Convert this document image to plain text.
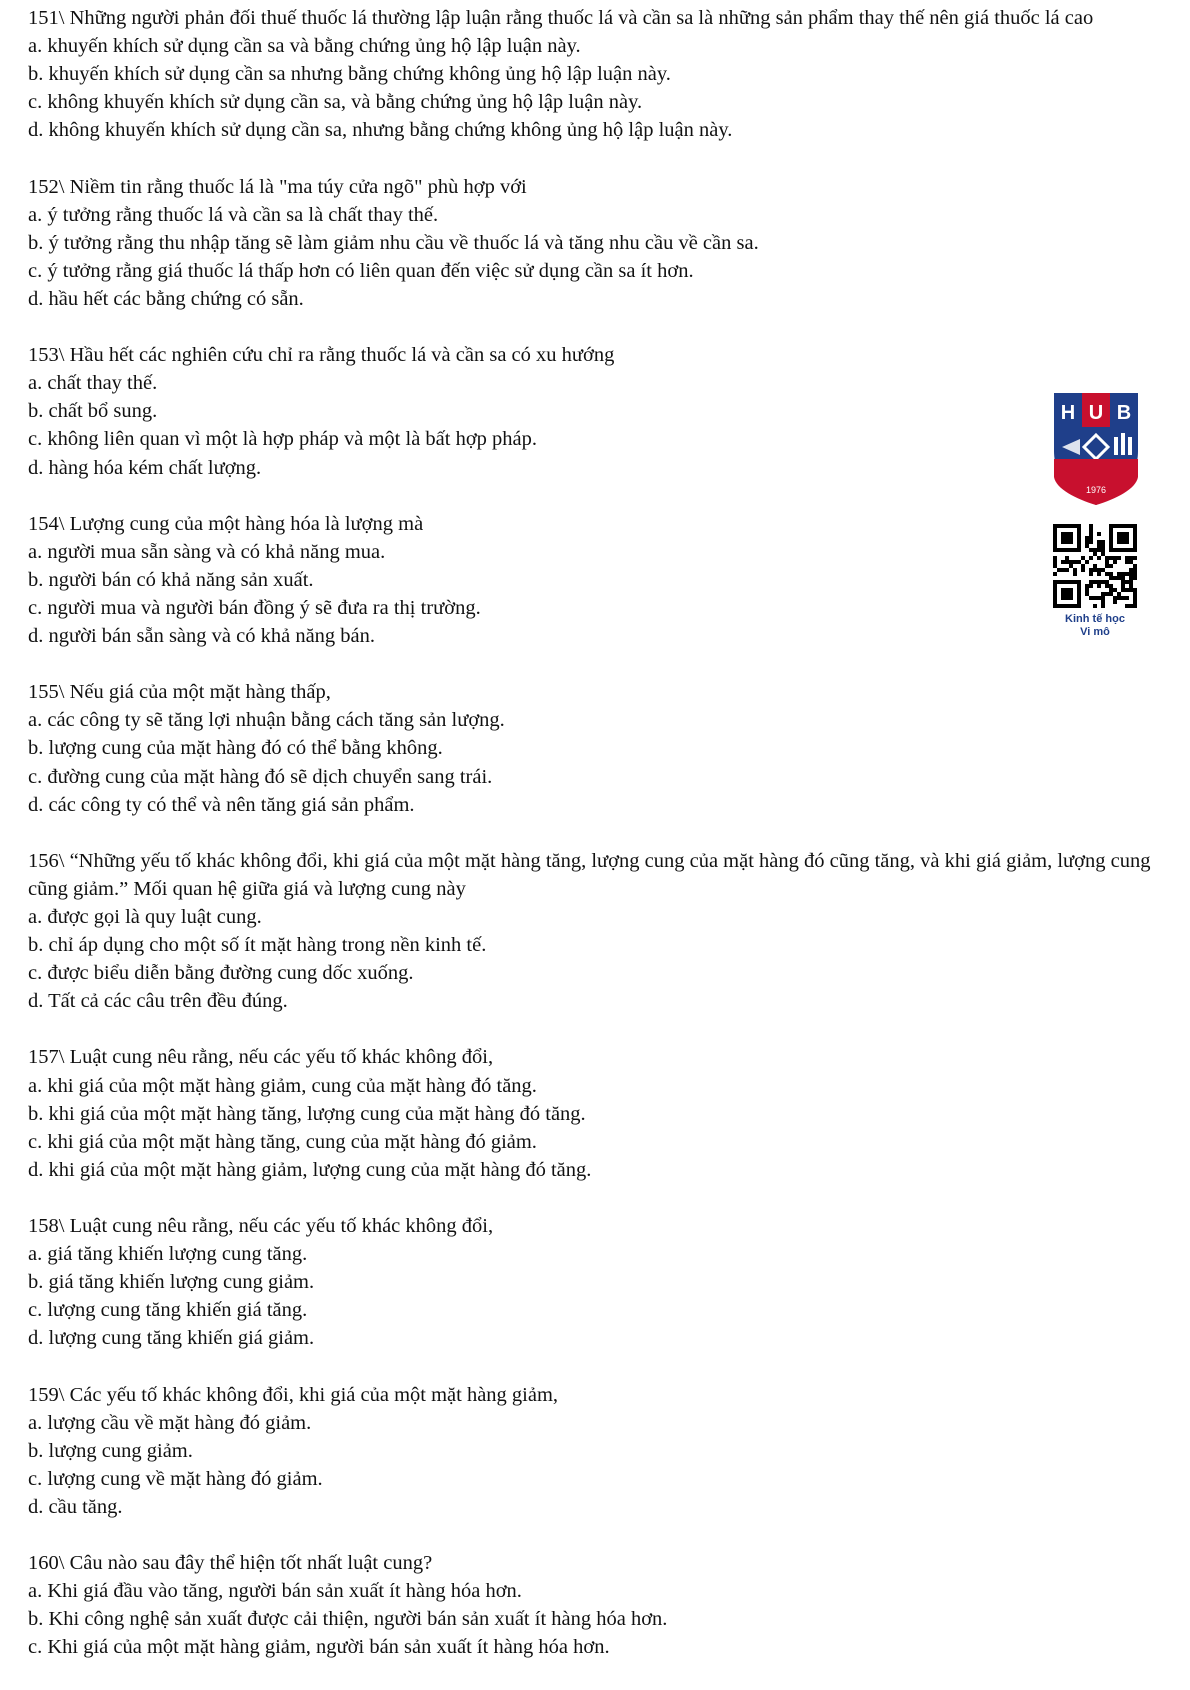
151\ Những người phản đối thuế thuốc lá thường lập luận rằng thuốc lá và cần sa là những sản phẩm thay thế nên giá thuốc lá cao

a. khuyến khích sử dụng cần sa và bằng chứng ủng hộ lập luận này.

b. khuyến khích sử dụng cần sa nhưng bằng chứng không ủng hộ lập luận này.

c. không khuyến khích sử dụng cần sa, và bằng chứng ủng hộ lập luận này.

d. không khuyến khích sử dụng cần sa, nhưng bằng chứng không ủng hộ lập luận này.

152\ Niềm tin rằng thuốc lá là "ma túy cửa ngõ" phù hợp với

a. ý tưởng rằng thuốc lá và cần sa là chất thay thế.

b. ý tưởng rằng thu nhập tăng sẽ làm giảm nhu cầu về thuốc lá và tăng nhu cầu về cần sa.

c. ý tưởng rằng giá thuốc lá thấp hơn có liên quan đến việc sử dụng cần sa ít hơn.

d. hầu hết các bằng chứng có sẵn.

153\ Hầu hết các nghiên cứu chỉ ra rằng thuốc lá và cần sa có xu hướng

a. chất thay thế.

b. chất bổ sung.

c. không liên quan vì một là hợp pháp và một là bất hợp pháp.

d. hàng hóa kém chất lượng.

154\ Lượng cung của một hàng hóa là lượng mà

a. người mua sẵn sàng và có khả năng mua.

b. người bán có khả năng sản xuất.

c. người mua và người bán đồng ý sẽ đưa ra thị trường.

d. người bán sẵn sàng và có khả năng bán.

155\ Nếu giá của một mặt hàng thấp,

a. các công ty sẽ tăng lợi nhuận bằng cách tăng sản lượng.

b. lượng cung của mặt hàng đó có thể bằng không.

c. đường cung của mặt hàng đó sẽ dịch chuyển sang trái.

d. các công ty có thể và nên tăng giá sản phẩm.

156\ “Những yếu tố khác không đổi, khi giá của một mặt hàng tăng, lượng cung của mặt hàng đó cũng tăng, và khi giá giảm, lượng cung cũng giảm.” Mối quan hệ giữa giá và lượng cung này

a. được gọi là quy luật cung.

b. chỉ áp dụng cho một số ít mặt hàng trong nền kinh tế.

c. được biểu diễn bằng đường cung dốc xuống.

d. Tất cả các câu trên đều đúng.

157\ Luật cung nêu rằng, nếu các yếu tố khác không đổi,

a. khi giá của một mặt hàng giảm, cung của mặt hàng đó tăng.

b. khi giá của một mặt hàng tăng, lượng cung của mặt hàng đó tăng.

c. khi giá của một mặt hàng tăng, cung của mặt hàng đó giảm.

d. khi giá của một mặt hàng giảm, lượng cung của mặt hàng đó tăng.

158\ Luật cung nêu rằng, nếu các yếu tố khác không đổi,

a. giá tăng khiến lượng cung tăng.

b. giá tăng khiến lượng cung giảm.

c. lượng cung tăng khiến giá tăng.

d. lượng cung tăng khiến giá giảm.

159\ Các yếu tố khác không đổi, khi giá của một mặt hàng giảm,

a. lượng cầu về mặt hàng đó giảm.

b. lượng cung giảm.

c. lượng cung về mặt hàng đó giảm.

d. cầu tăng.

160\ Câu nào sau đây thể hiện tốt nhất luật cung?

a. Khi giá đầu vào tăng, người bán sản xuất ít hàng hóa hơn.

b. Khi công nghệ sản xuất được cải thiện, người bán sản xuất ít hàng hóa hơn.

c. Khi giá của một mặt hàng giảm, người bán sản xuất ít hàng hóa hơn.

H U B
1976
Kinh tế học
Vi mô
